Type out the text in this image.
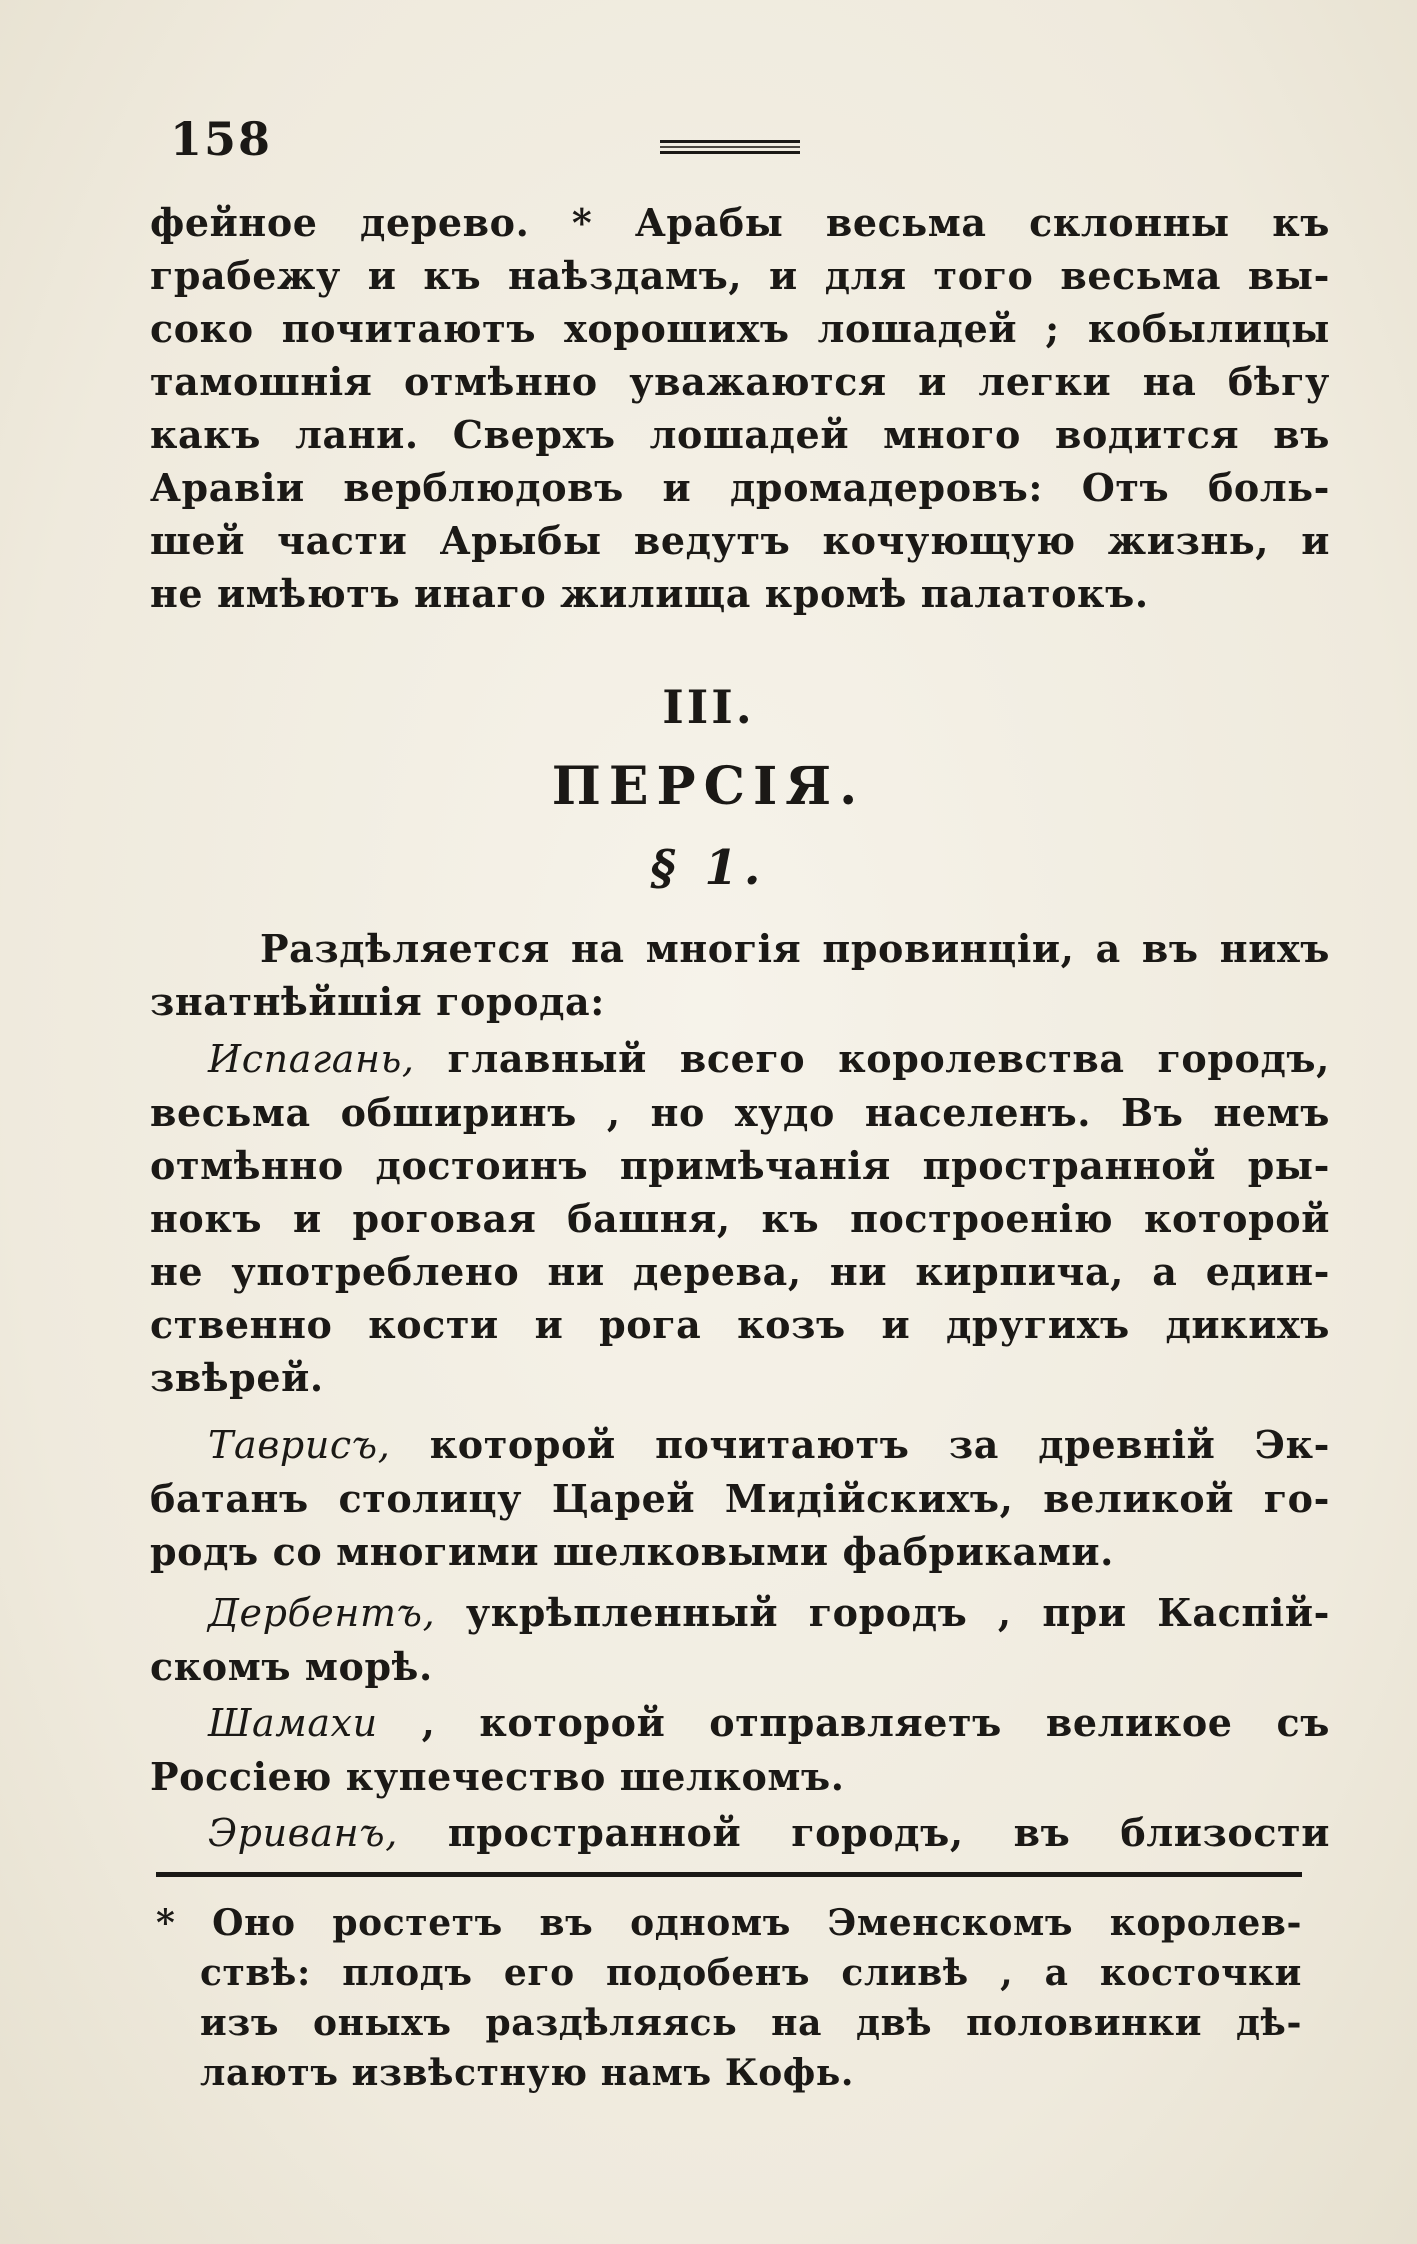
158
фейное дерево. * Арабы весьма склонны къ
грабежу и къ наѣздамъ, и для того весьма вы-
соко почитаютъ хорошихъ лошадей ; кобылицы
тамошнія отмѣнно уважаются и легки на бѣгу
какъ лани. Сверхъ лошадей много водится въ
Аравіи верблюдовъ и дромадеровъ: Отъ боль-
шей части Арыбы ведутъ кочующую жизнь, и
не имѣютъ инаго жилища кромѣ палатокъ.
III.
ПЕРСІЯ.
§ 1.
Раздѣляется на многія провинціи, а въ нихъ
знатнѣйшія города:
Испагань, главный всего королевства городъ,
весьма обширинъ , но худо населенъ. Въ немъ
отмѣнно достоинъ примѣчанія пространной ры-
нокъ и роговая башня, къ построенію которой
не употреблено ни дерева, ни кирпича, а един-
ственно кости и рога козъ и другихъ дикихъ
звѣрей.
Таврисъ, которой почитаютъ за древній Эк-
батанъ столицу Царей Мидійскихъ, великой го-
родъ со многими шелковыми фабриками.
Дербентъ, укрѣпленный городъ , при Каспій-
скомъ морѣ.
Шамахи , которой отправляетъ великое съ
Россіею купечество шелкомъ.
Эриванъ, пространной городъ, въ близости
* Оно ростетъ въ одномъ Эменскомъ королев-
ствѣ: плодъ его подобенъ сливѣ , а косточки
изъ оныхъ раздѣляясь на двѣ половинки дѣ-
лаютъ извѣстную намъ Кофь.
